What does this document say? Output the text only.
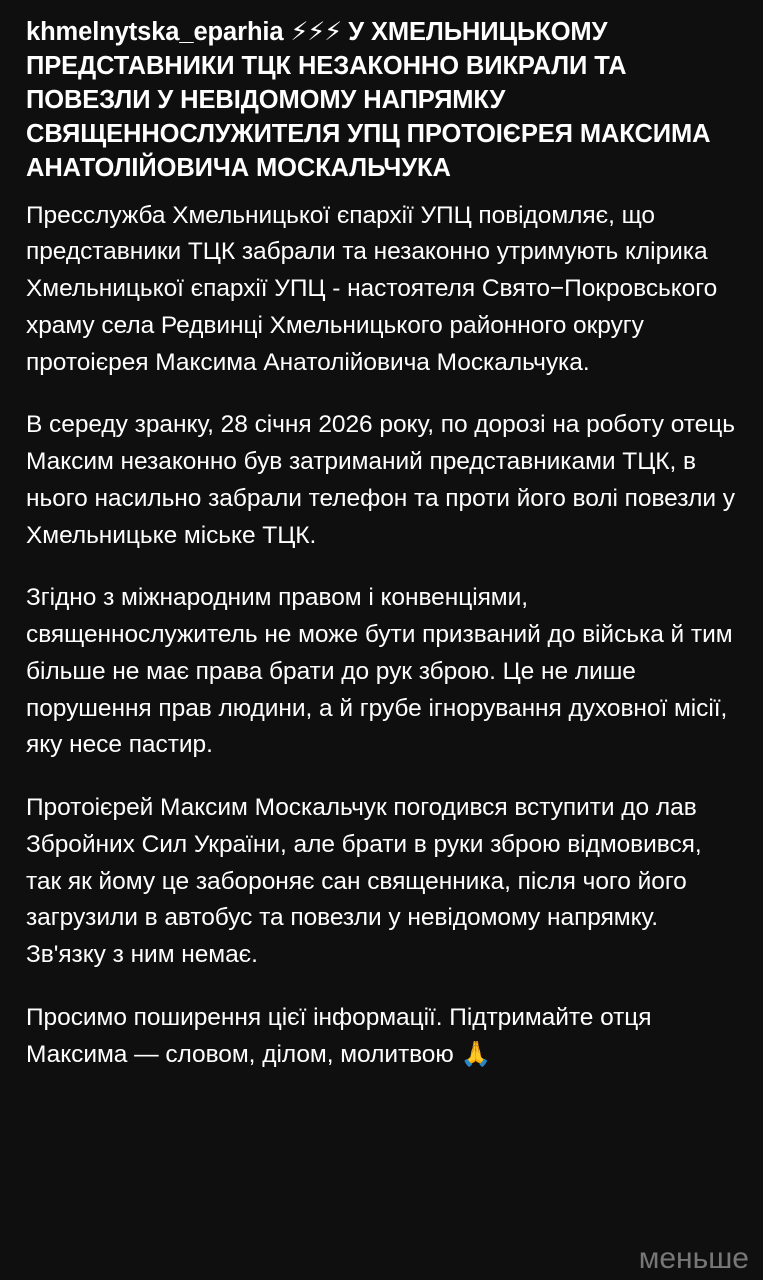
khmelnytska_eparhia ⚡⚡⚡ У ХМЕЛЬНИЦЬКОМУ ПРЕДСТАВНИКИ ТЦК НЕЗАКОННО ВИКРАЛИ ТА ПОВЕЗЛИ У НЕВІДОМОМУ НАПРЯМКУ СВЯЩЕННОСЛУЖИТЕЛЯ УПЦ ПРОТОІЄРЕЯ МАКСИМА АНАТОЛІЙОВИЧА МОСКАЛЬЧУКА

Пресслужба Хмельницької єпархії УПЦ повідомляє, що представники ТЦК забрали та незаконно утримують клірика Хмельницької єпархії УПЦ - настоятеля Свято−Покровського храму села Редвинці Хмельницького районного округу протоієрея Максима Анатолійовича Москальчука.

В середу зранку, 28 січня 2026 року, по дорозі на роботу отець Максим незаконно був затриманий представниками ТЦК, в нього насильно забрали телефон та проти його волі повезли у Хмельницьке міське ТЦК.

Згідно з міжнародним правом і конвенціями, священнослужитель не може бути призваний до війська й тим більше не має права брати до рук зброю. Це не лише порушення прав людини, а й грубе ігнорування духовної місії, яку несе пастир.

Протоієрей Максим Москальчук погодився вступити до лав Збройних Сил України, але брати в руки зброю відмовився, так як йому це забороняє сан священника, після чого його загрузили в автобус та повезли у невідомому напрямку. Зв'язку з ним немає.

Просимо поширення цієї інформації. Підтримайте отця Максима — словом, ділом, молитвою 🙏

меньше
